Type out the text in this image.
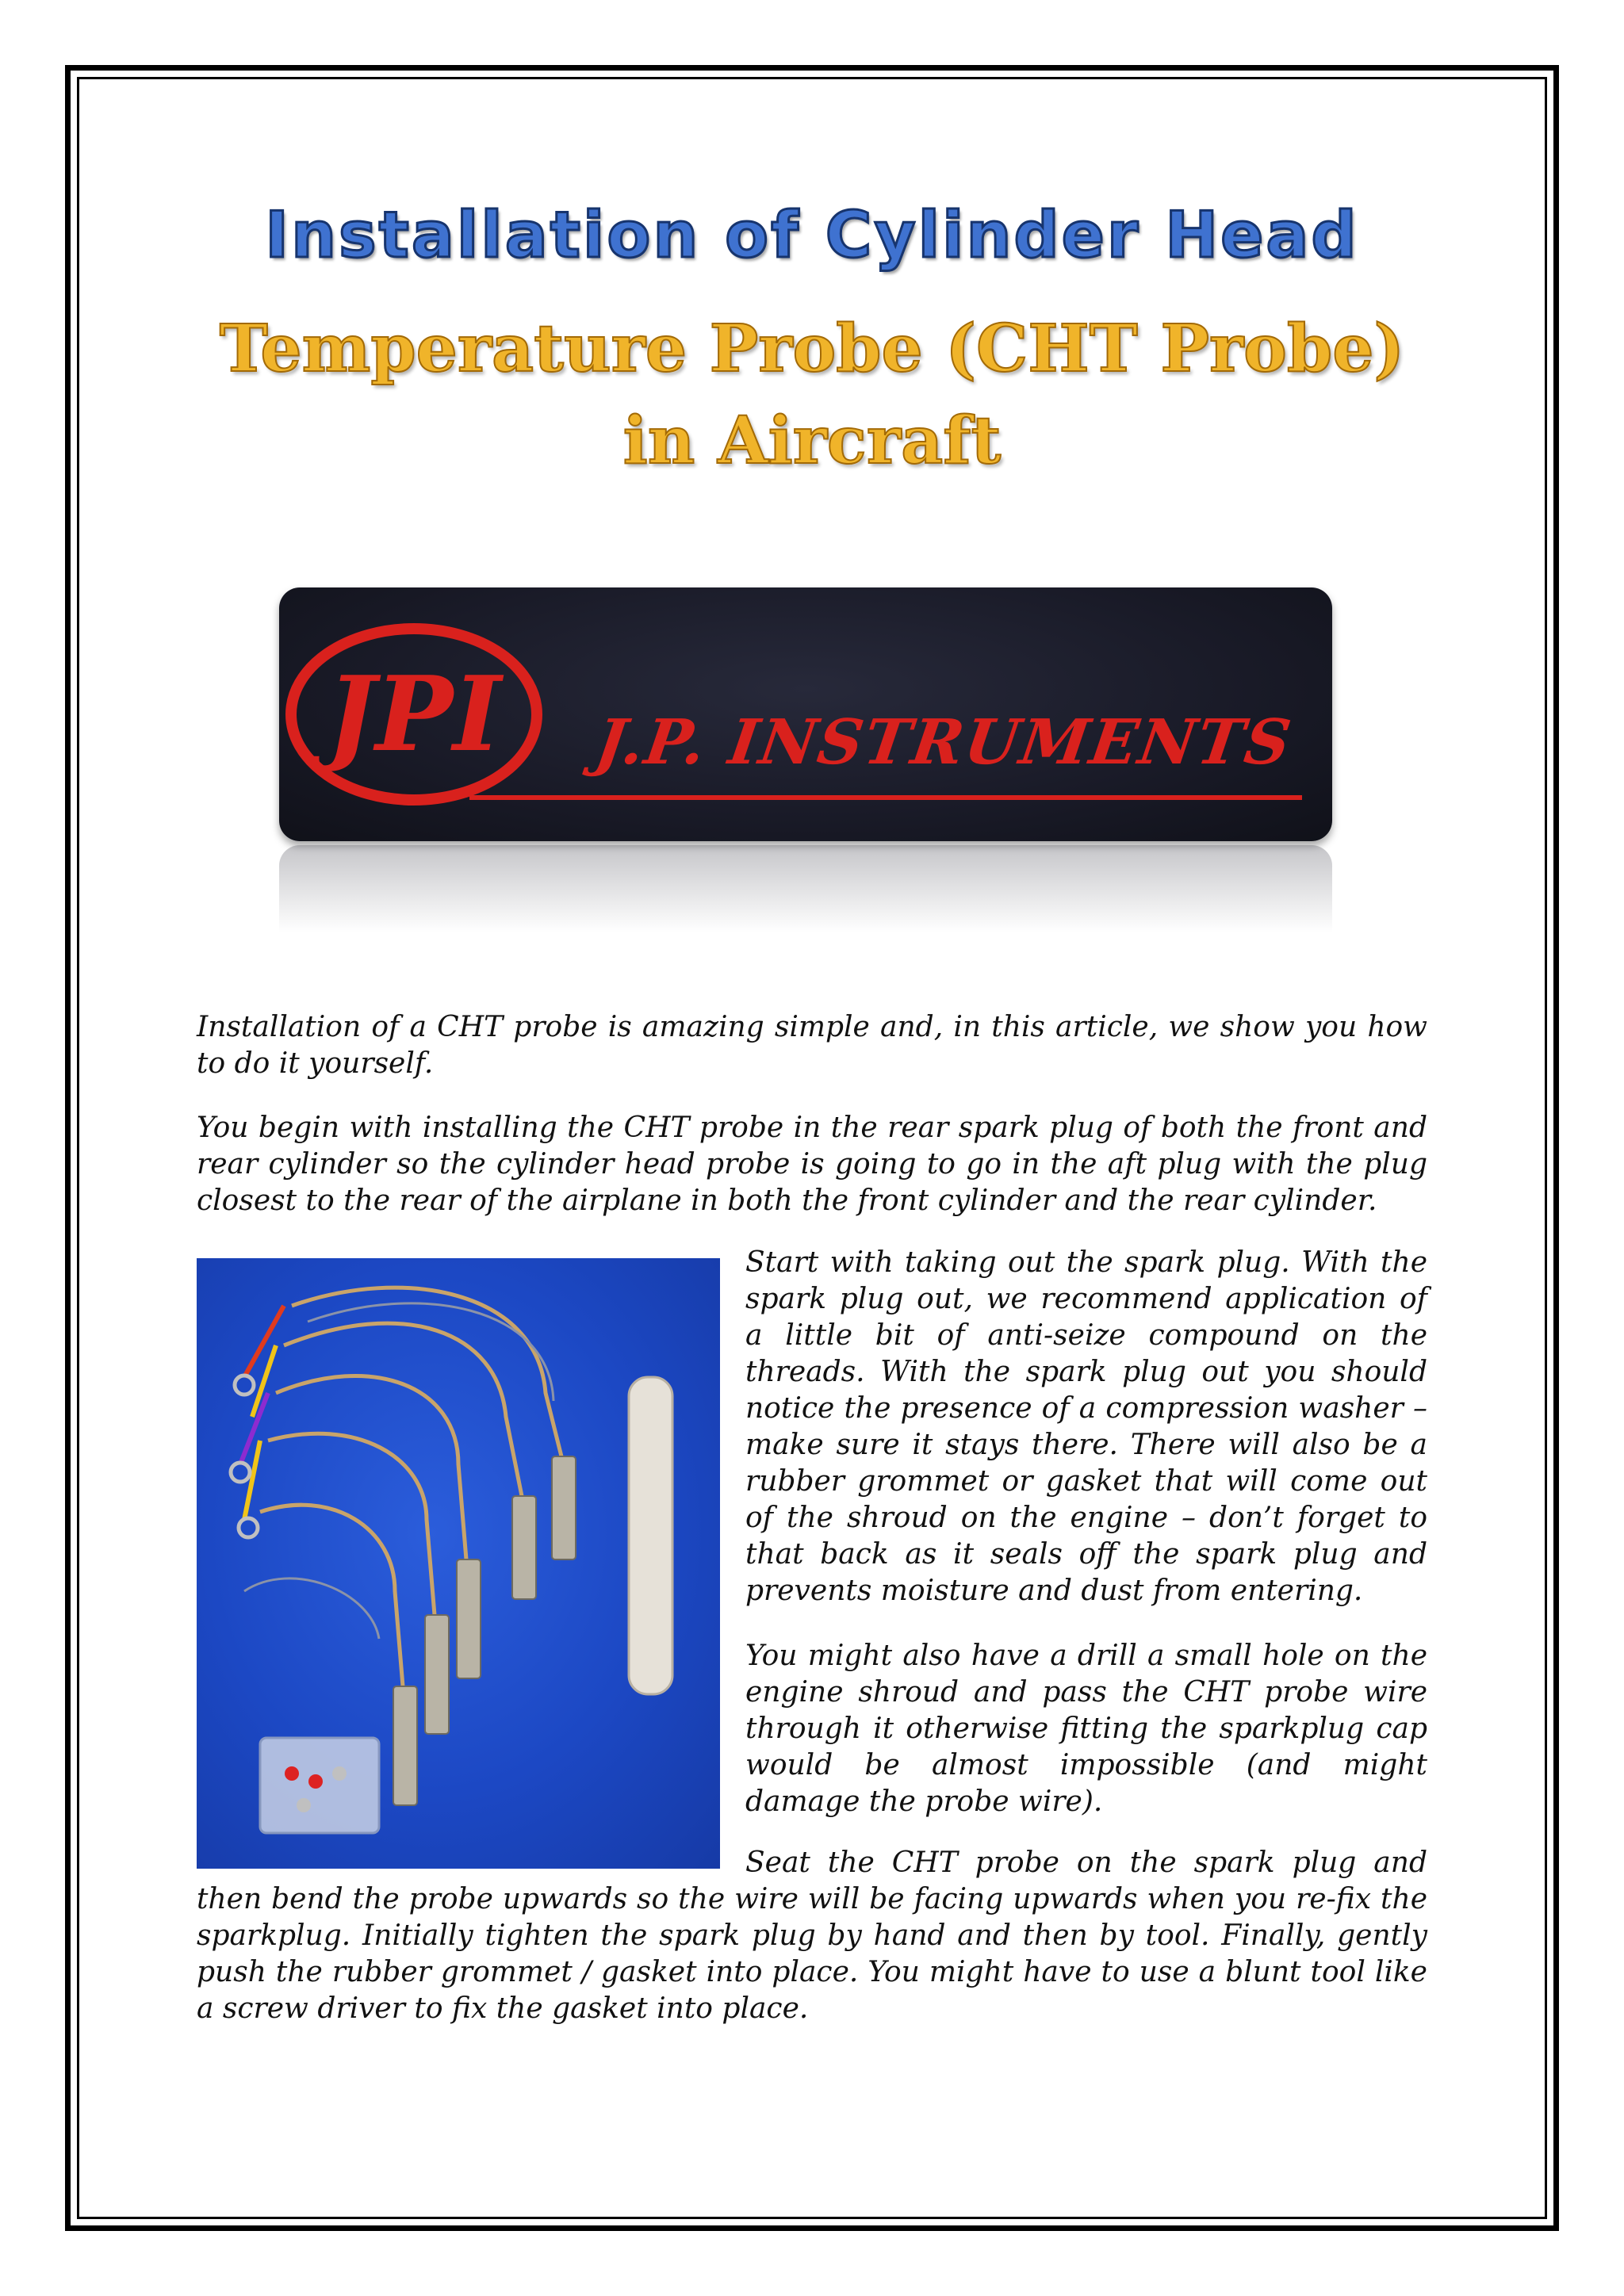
Installation of Cylinder Head
Temperature Probe (CHT Probe)
in Aircraft
JPI J.P. INSTRUMENTS
Installation of a CHT probe is amazing simple and, in this article, we show you how to do it yourself.
You begin with installing the CHT probe in the rear spark plug of both the front and rear cylinder so the cylinder head probe is going to go in the aft plug with the plug closest to the rear of the airplane in both the front cylinder and the rear cylinder.
Start with taking out the spark plug. With the spark plug out, we recommend application of a little bit of anti-seize compound on the threads. With the spark plug out you should notice the presence of a compression washer – make sure it stays there. There will also be a rubber grommet or gasket that will come out of the shroud on the engine – don’t forget to that back as it seals off the spark plug and prevents moisture and dust from entering.
You might also have a drill a small hole on the engine shroud and pass the CHT probe wire through it otherwise fitting the sparkplug cap would be almost impossible (and might damage the probe wire).
Seat the CHT probe on the spark plug and then bend the probe upwards so the wire will be facing upwards when you re-fix the sparkplug. Initially tighten the spark plug by hand and then by tool. Finally, gently push the rubber grommet / gasket into place. You might have to use a blunt tool like a screw driver to fix the gasket into place.
